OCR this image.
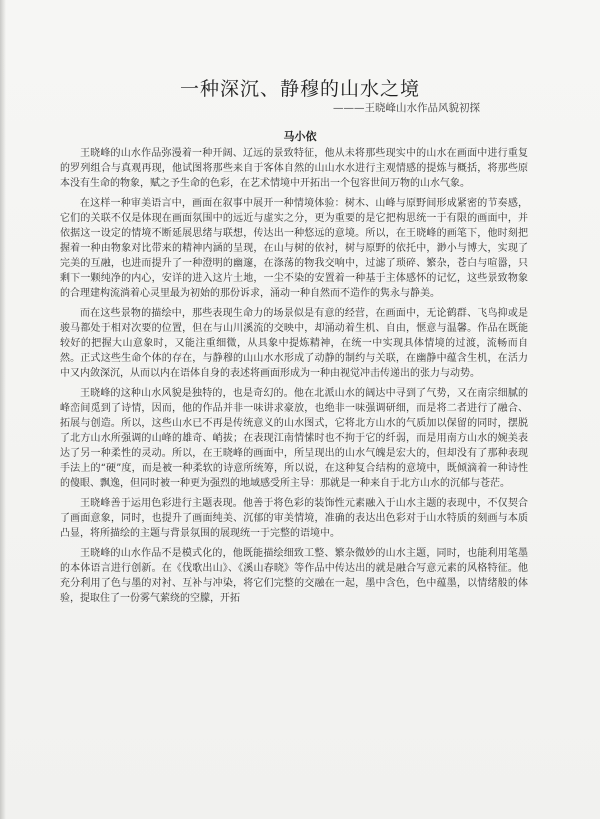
一种深沉、静穆的山水之境
———王晓峰山水作品风貌初探
马小依

王晓峰的山水作品弥漫着一种开阔、辽远的景致特征，他从未将那些现实中的山水在画面中进行重复的罗列组合与真观再现，他试图将那些来自于客体自然的山山水水进行主观情感的提炼与概括，将那些原本没有生命的物象，赋之予生命的色彩，在艺术情境中开拓出一个包容世间万物的山水气象。

在这样一种审美语言中，画面在叙事中展开一种情境体验：树木、山峰与原野间形成紧密的节奏感，它们的关联不仅是体现在画面氛围中的远近与虚实之分，更为重要的是它把构思统一于有限的画面中，并依据这一设定的情境不断延展思绪与联想，传达出一种悠远的意境。所以，在王晓峰的画笔下，他时刻把握着一种由物象对比带来的精神内涵的呈现，在山与树的依衬，树与原野的依托中，渺小与博大，实现了完美的互融，也进而提升了一种澄明的幽邃，在涤荡的物我交响中，过滤了琐碎、繁杂，苍白与喧嚣，只剩下一颗纯净的内心，安详的进入这片土地，一尘不染的安置着一种基于主体感怀的记忆，这些景致物象的合理建构流淌着心灵里最为初始的那份诉求，涌动一种自然而不造作的隽永与静美。

而在这些景物的描绘中，那些表现生命力的场景似是有意的经营，在画面中，无论鹤群、飞鸟抑或是骏马都处于相对次要的位置，但在与山川溪流的交映中，却涌动着生机、自由，惬意与温馨。作品在既能较好的把握大山意象时，又能注重细微，从具象中提炼精神，在统一中实现具体情境的过渡，流畅而自然。正式这些生命个体的存在，与静穆的山山水水形成了动静的制约与关联，在幽静中蕴含生机，在活力中又内敛深沉，从而以内在语体自身的表述将画面形成为一种由视觉冲击传递出的张力与动势。

王晓峰的这种山水风貌是独特的，也是奇幻的。他在北派山水的阔达中寻到了气势，又在南宗细腻的峰峦间觅到了诗情，因而，他的作品并非一味讲求豪放，也绝非一味强调研细，而是将二者进行了融合、拓展与创造。所以，这些山水已不再是传统意义的山水图式，它将北方山水的气质加以保留的同时，摆脱了北方山水所强调的山峰的雄奇、峭拔；在表现江南情愫时也不拘于它的纤弱，而是用南方山水的婉美表达了另一种柔性的灵动。所以，在王晓峰的画面中，所呈现出的山水气魄是宏大的，但却没有了那种表现手法上的“硬”度，而是被一种柔软的诗意所统筹，所以说，在这种复合结构的意境中，既倾滴着一种诗性的傻眼、飘逸，但同时被一种更为强烈的地域感受所主导：那就是一种来自于北方山水的沉郁与苍茫。

王晓峰善于运用色彩进行主题表现。他善于将色彩的装饰性元素融入于山水主题的表现中，不仅契合了画面意象，同时，也提升了画面纯美、沉郁的审美情境，准确的表达出色彩对于山水特质的刻画与本质凸显，将所描绘的主题与背景氛围的展现统一于完整的语境中。

王晓峰的山水作品不是模式化的，他既能描绘细致工整、繁杂微妙的山水主题，同时，也能利用笔墨的本体语言进行创新。在《伐歌出山》、《溪山春晓》等作品中传达出的就是融合写意元素的风格特征。他充分利用了色与墨的对衬、互补与冲染，将它们完整的交融在一起，墨中含色，色中蕴墨，以情绪般的体验，提取住了一份雾气萦绕的空朦，开拓
